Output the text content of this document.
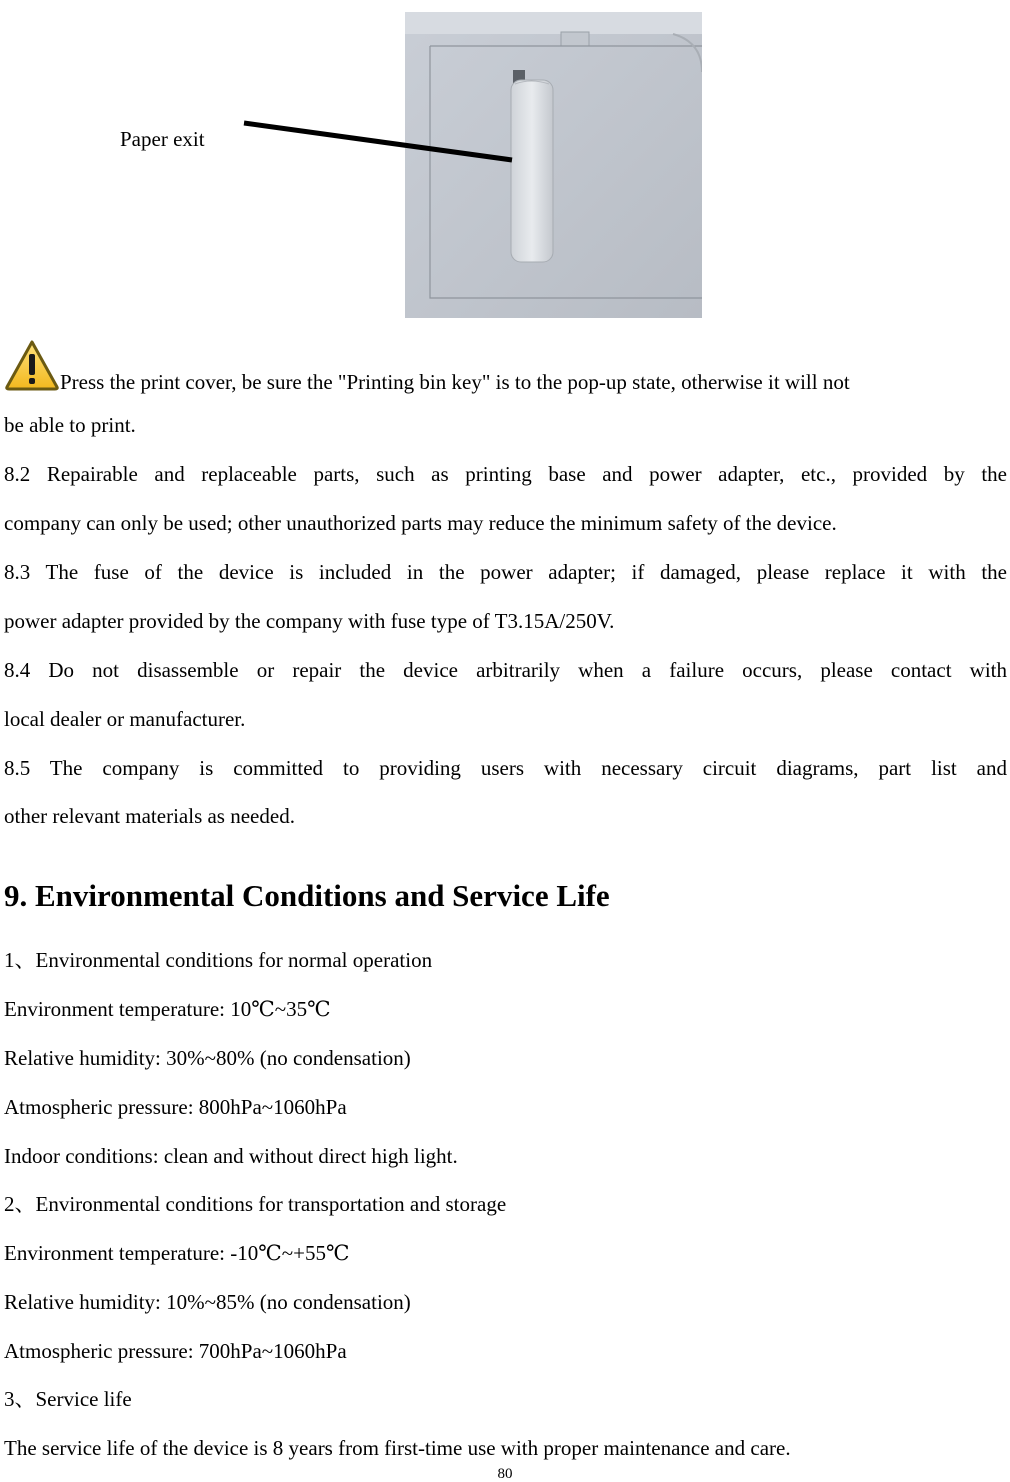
Paper exit
Press the print cover, be sure the "Printing bin key" is to the pop-up state, otherwise it will not
be able to print.
8.2 Repairable and replaceable parts, such as printing base and power adapter, etc., provided by the
company can only be used; other unauthorized parts may reduce the minimum safety of the device.
8.3 The fuse of the device is included in the power adapter; if damaged, please replace it with the
power adapter provided by the company with fuse type of T3.15A/250V.
8.4 Do not disassemble or repair the device arbitrarily when a failure occurs, please contact with
local dealer or manufacturer.
8.5 The company is committed to providing users with necessary circuit diagrams, part list and
other relevant materials as needed.
9. Environmental Conditions and Service Life
1、Environmental conditions for normal operation
Environment temperature: 10℃~35℃
Relative humidity: 30%~80% (no condensation)
Atmospheric pressure: 800hPa~1060hPa
Indoor conditions: clean and without direct high light.
2、Environmental conditions for transportation and storage
Environment temperature: -10℃~+55℃
Relative humidity: 10%~85% (no condensation)
Atmospheric pressure: 700hPa~1060hPa
3、Service life
The service life of the device is 8 years from first-time use with proper maintenance and care.
80
